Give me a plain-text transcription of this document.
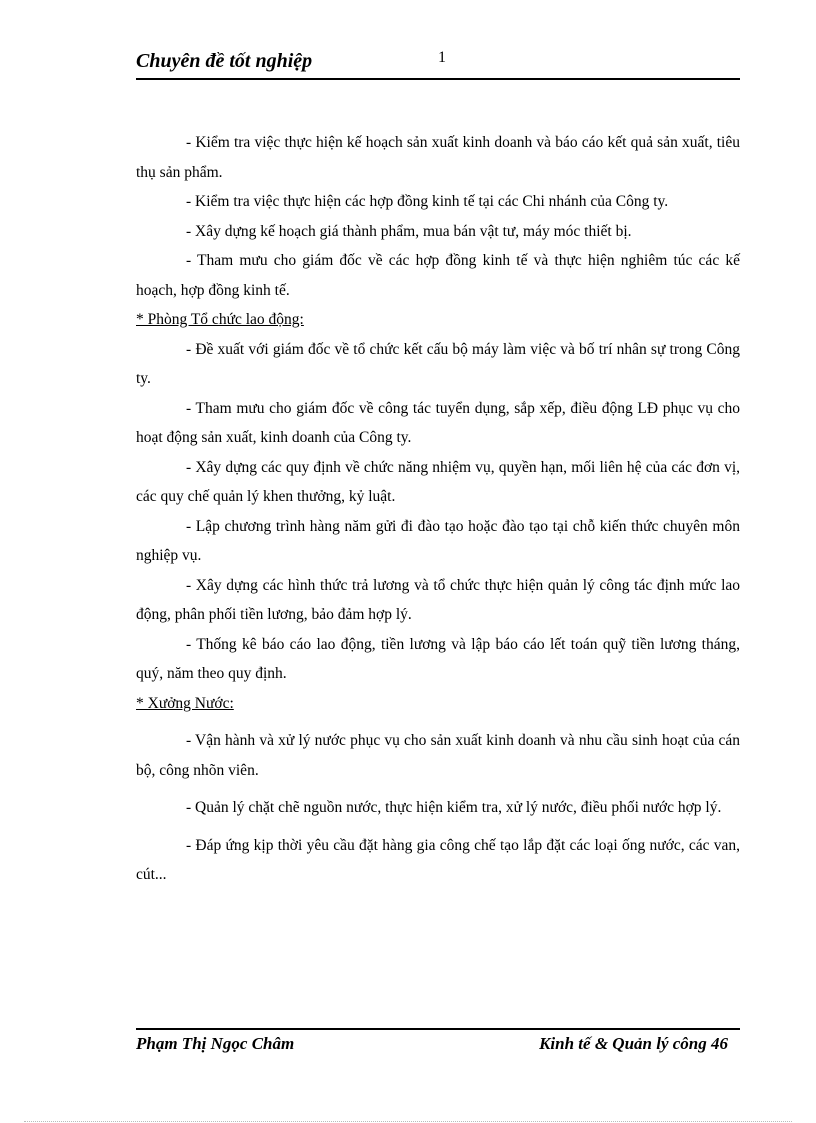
Chuyên đề tốt nghiệp	1

- Kiểm tra việc thực hiện kế hoạch sản xuất kinh doanh và báo cáo kết quả sản xuất, tiêu thụ sản phẩm.

- Kiểm tra việc thực hiện các hợp đồng kinh tế tại các Chi nhánh của Công ty.

- Xây dựng kế hoạch giá thành phẩm, mua bán vật tư, máy móc thiết bị.

- Tham mưu cho giám đốc về các hợp đồng kinh tế và thực hiện nghiêm túc các kế hoạch, hợp đồng kinh tế.

* Phòng Tổ chức lao động:

- Đề xuất với giám đốc về tổ chức kết cấu bộ máy làm việc và bố trí nhân sự trong Công ty.

- Tham mưu cho giám đốc về công tác tuyển dụng, sắp xếp, điều động LĐ phục vụ cho hoạt động sản xuất, kinh doanh của Công ty.

- Xây dựng các quy định về chức năng nhiệm vụ, quyền hạn, mối liên hệ của các đơn vị, các quy chế quản lý khen thưởng, kỷ luật.

- Lập chương trình hàng năm gửi đi đào tạo hoặc đào tạo tại chỗ kiến thức chuyên môn nghiệp vụ.

- Xây dựng các hình thức trả lương và tổ chức thực hiện quản lý công tác định mức lao động, phân phối tiền lương, bảo đảm hợp lý.

- Thống kê báo cáo lao động, tiền lương và lập báo cáo lết toán quỹ tiền lương tháng, quý, năm theo quy định.

* Xưởng Nước:

- Vận hành và xử lý nước phục vụ cho sản xuất kinh doanh và nhu cầu sinh hoạt của cán bộ, công nhõn viên.

- Quản lý chặt chẽ nguồn nước, thực hiện kiểm tra, xử lý nước, điều phối nước hợp lý.

- Đáp ứng kịp thời yêu cầu đặt hàng gia công chế tạo lắp đặt các loại ống nước, các van, cút...

Phạm Thị Ngọc Châm	Kinh tế & Quản lý công 46
